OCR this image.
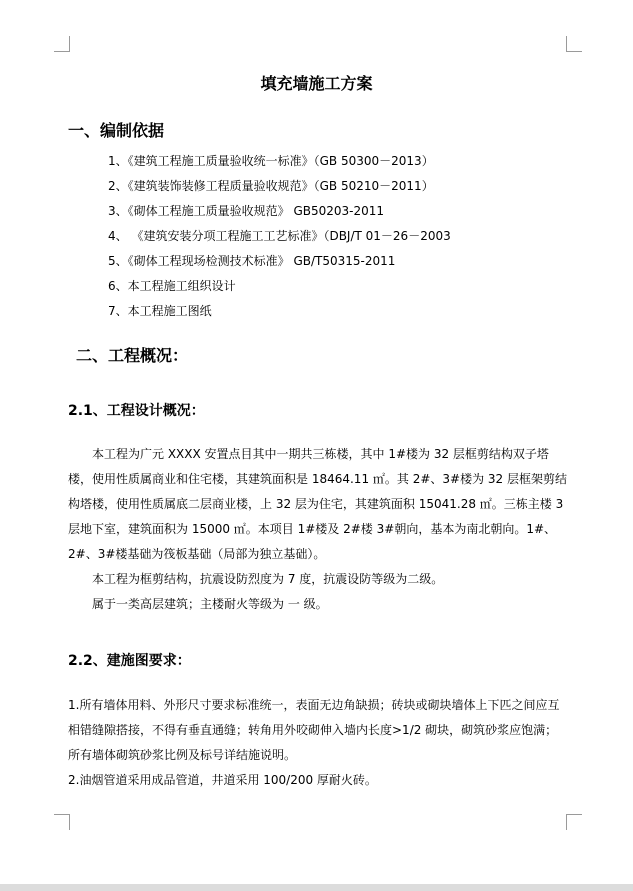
填充墙施工方案
一、编制依据
1、《建筑工程施工质量验收统一标准》（GB 50300－2013）
2、《建筑装饰装修工程质量验收规范》（GB 50210－2011）
3、《砌体工程施工质量验收规范》 GB50203-2011
4、 《建筑安装分项工程施工工艺标准》（DBJ/T 01－26－2003
5、《砌体工程现场检测技术标准》 GB/T50315-2011
6、本工程施工组织设计
7、本工程施工图纸
二、工程概况：
2.1、工程设计概况：
本工程为广元 XXXX 安置点目其中一期共三栋楼，其中 1#楼为 32 层框剪结构双子塔楼，使用性质属商业和住宅楼，其建筑面积是 18464.11 ㎡。其 2#、3#楼为 32 层框架剪结构塔楼，使用性质属底二层商业楼，上 32 层为住宅，其建筑面积 15041.28 ㎡。三栋主楼 3 层地下室，建筑面积为 15000 ㎡。本项目 1#楼及 2#楼 3#朝向，基本为南北朝向。1#、2#、3#楼基础为筏板基础（局部为独立基础）。
本工程为框剪结构，抗震设防烈度为 7 度，抗震设防等级为二级。
属于一类高层建筑；主楼耐火等级为 一 级。
2.2、建施图要求：
1.所有墙体用料、外形尺寸要求标准统一，表面无边角缺损；砖块或砌块墙体上下匹之间应互相错缝隙搭接，不得有垂直通缝；转角用外咬砌伸入墙内长度>1/2 砌块，砌筑砂浆应饱满；所有墙体砌筑砂浆比例及标号详结施说明。
2.油烟管道采用成品管道，井道采用 100/200 厚耐火砖。
